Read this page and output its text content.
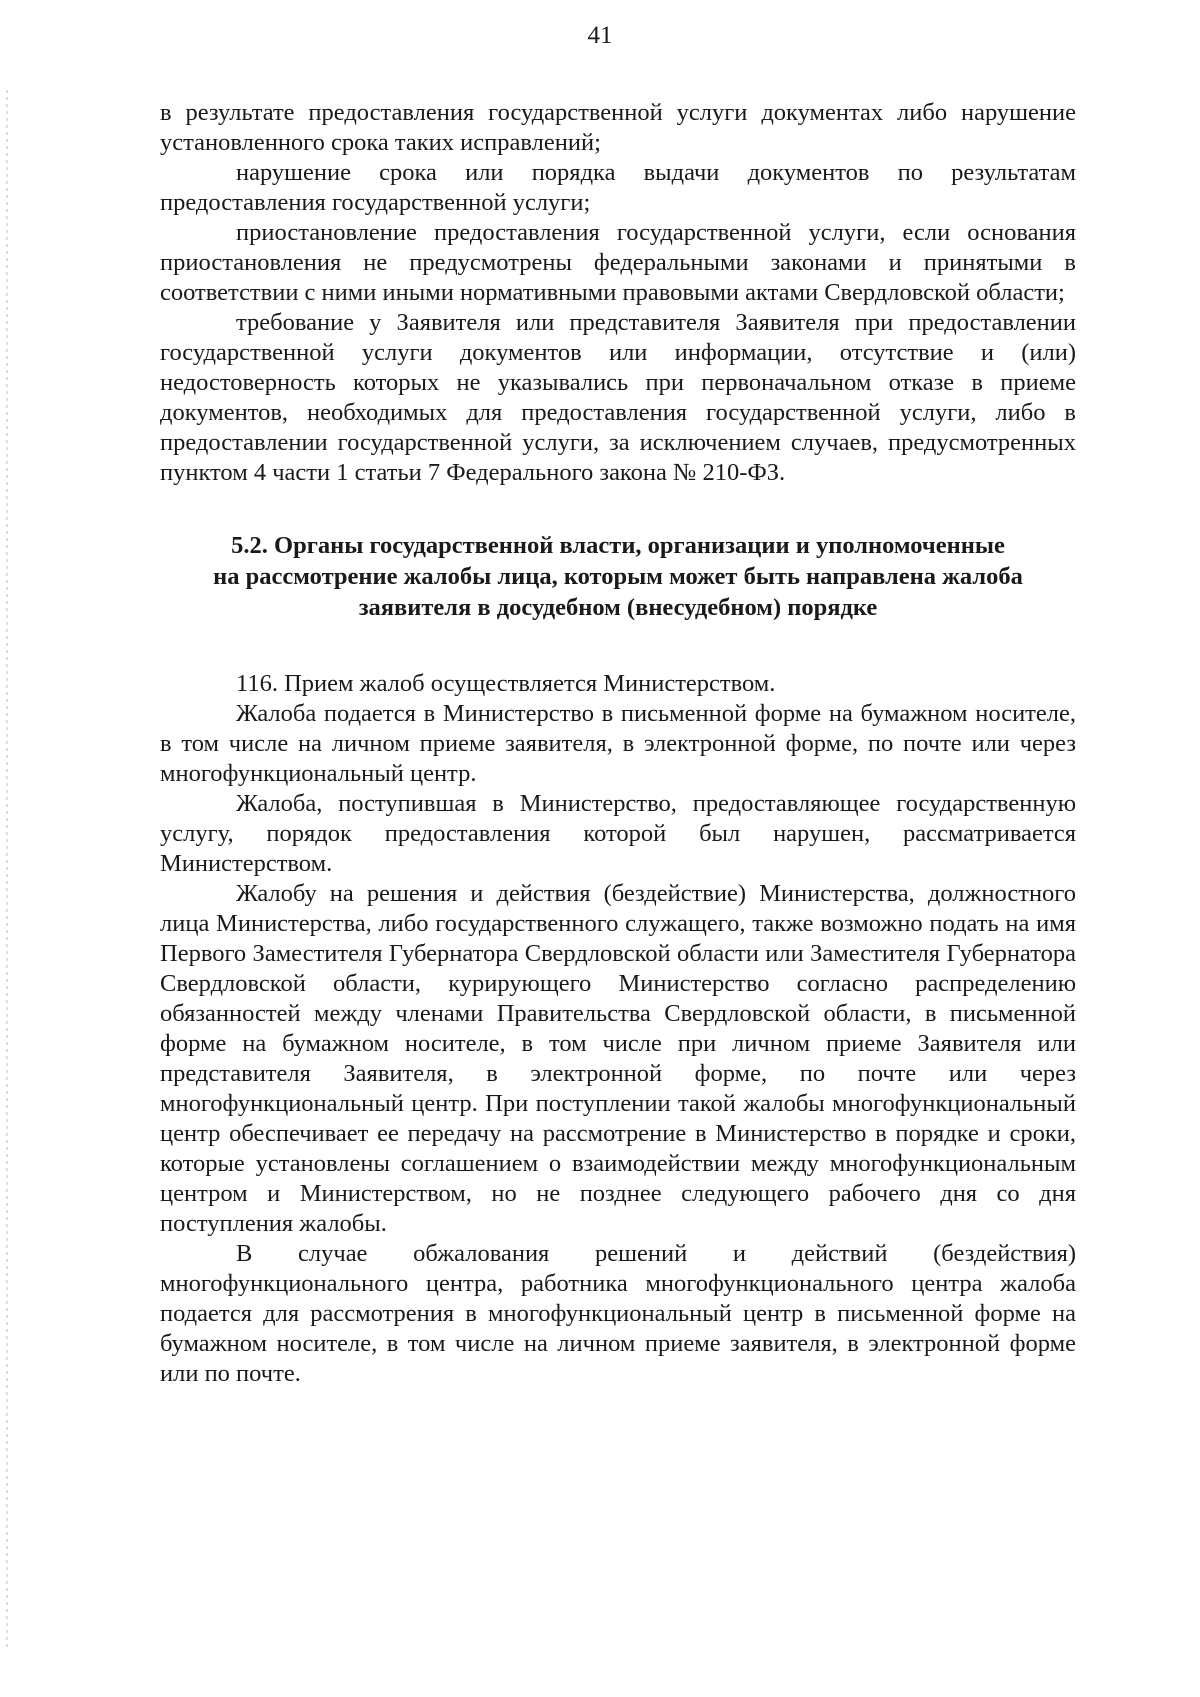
41

в результате предоставления государственной услуги документах либо нарушение установленного срока таких исправлений;

нарушение срока или порядка выдачи документов по результатам предоставления государственной услуги;

приостановление предоставления государственной услуги, если основания приостановления не предусмотрены федеральными законами и принятыми в соответствии с ними иными нормативными правовыми актами Свердловской области;

требование у Заявителя или представителя Заявителя при предоставлении государственной услуги документов или информации, отсутствие и (или) недостоверность которых не указывались при первоначальном отказе в приеме документов, необходимых для предоставления государственной услуги, либо в предоставлении государственной услуги, за исключением случаев, предусмотренных пунктом 4 части 1 статьи 7 Федерального закона № 210-ФЗ.

5.2. Органы государственной власти, организации и уполномоченные
на рассмотрение жалобы лица, которым может быть направлена жалоба
заявителя в досудебном (внесудебном) порядке

116. Прием жалоб осуществляется Министерством.

Жалоба подается в Министерство в письменной форме на бумажном носителе, в том числе на личном приеме заявителя, в электронной форме, по почте или через многофункциональный центр.

Жалоба, поступившая в Министерство, предоставляющее государственную услугу, порядок предоставления которой был нарушен, рассматривается Министерством.

Жалобу на решения и действия (бездействие) Министерства, должностного лица Министерства, либо государственного служащего, также возможно подать на имя Первого Заместителя Губернатора Свердловской области или Заместителя Губернатора Свердловской области, курирующего Министерство согласно распределению обязанностей между членами Правительства Свердловской области, в письменной форме на бумажном носителе, в том числе при личном приеме Заявителя или представителя Заявителя, в электронной форме, по почте или через многофункциональный центр. При поступлении такой жалобы многофункциональный центр обеспечивает ее передачу на рассмотрение в Министерство в порядке и сроки, которые установлены соглашением о взаимодействии между многофункциональным центром и Министерством, но не позднее следующего рабочего дня со дня поступления жалобы.

В случае обжалования решений и действий (бездействия) многофункционального центра, работника многофункционального центра жалоба подается для рассмотрения в многофункциональный центр в письменной форме на бумажном носителе, в том числе на личном приеме заявителя, в электронной форме или по почте.
